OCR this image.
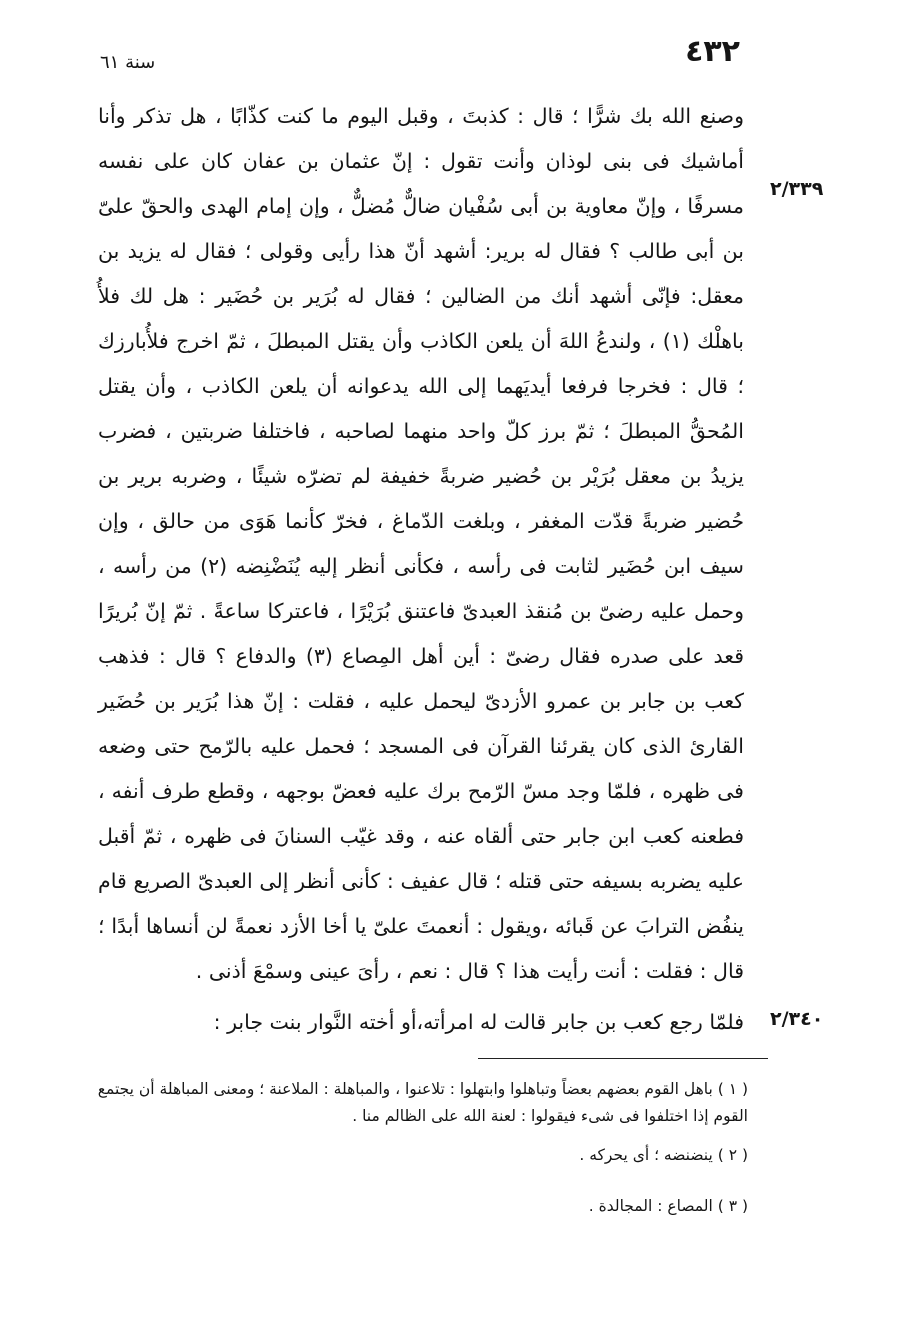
٤٣٢
سنة ٦١
٢/٣٣٩
٢/٣٤٠

وصنع الله بك شرًّا ؛ قال : كذبتَ ، وقبل اليوم ما كنت كذّابًا ، هل تذكر وأنا أماشيك فى بنى لوذان وأنت تقول : إنّ عثمان بن عفان كان على نفسه مسرفًا ، وإنّ معاوية بن أبى سُفْيان ضالٌّ مُضلٌّ ، وإن إمام الهدى والحقّ علىّ بن أبى طالب ؟ فقال له برير: أشهد أنّ هذا رأيى وقولى ؛ فقال له يزيد بن معقل: فإنّى أشهد أنك من الضالين ؛ فقال له بُرَير بن حُضَير : هل لك فلأُ باهلْك (١) ، ولندعُ اللهَ أن يلعن الكاذب وأن يقتل المبطلَ ، ثمّ اخرج فلأُبارزك ؛ قال : فخرجا فرفعا أيديَهما إلى الله يدعوانه أن يلعن الكاذب ، وأن يقتل المُحقُّ المبطلَ ؛ ثمّ برز كلّ واحد منهما لصاحبه ، فاختلفا ضربتين ، فضرب يزيدُ بن معقل بُرَيْر بن حُضير ضربةً خفيفة لم تضرّه شيئًا ، وضربه برير بن حُضير ضربةً قدّت المغفر ، وبلغت الدّماغ ، فخرّ كأنما هَوَى من حالق ، وإن سيف ابن حُضَير لثابت فى رأسه ، فكأنى أنظر إليه يُنَضْنِضه (٢) من رأسه ، وحمل عليه رضىّ بن مُنقذ العبدىّ فاعتنق بُرَيْرًا ، فاعتركا ساعةً . ثمّ إنّ بُريرًا قعد على صدره فقال رضىّ : أين أهل المِصاع (٣) والدفاع ؟ قال : فذهب كعب بن جابر بن عمرو الأزدىّ ليحمل عليه ، فقلت : إنّ هذا بُرَير بن حُضَير القارئ الذى كان يقرئنا القرآن فى المسجد ؛ فحمل عليه بالرّمح حتى وضعه فى ظهره ، فلمّا وجد مسّ الرّمح برك عليه فعضّ بوجهه ، وقطع طرف أنفه ، فطعنه كعب ابن جابر حتى ألقاه عنه ، وقد غيّب السنانَ فى ظهره ، ثمّ أقبل عليه يضربه بسيفه حتى قتله ؛ قال عفيف : كأنى أنظر إلى العبدىّ الصريع قام ينفُض الترابَ عن قَبائه ،ويقول : أنعمتَ علىّ يا أخا الأزد نعمةً لن أنساها أبدًا ؛ قال : فقلت : أنت رأيت هذا ؟ قال : نعم ، رأىَ عينى وسمْعَ أذنى .

فلمّا رجع كعب بن جابر قالت له امرأته،أو أخته النَّوار بنت جابر :

( ١ ) باهل القوم بعضهم بعضاً وتباهلوا وابتهلوا : تلاعنوا ، والمباهلة : الملاعنة ؛ ومعنى المباهلة أن يجتمع القوم إذا اختلفوا فى شىء فيقولوا : لعنة الله على الظالم منا .

( ٢ ) ينضنضه ؛ أى يحركه .

( ٣ ) المصاع : المجالدة .
